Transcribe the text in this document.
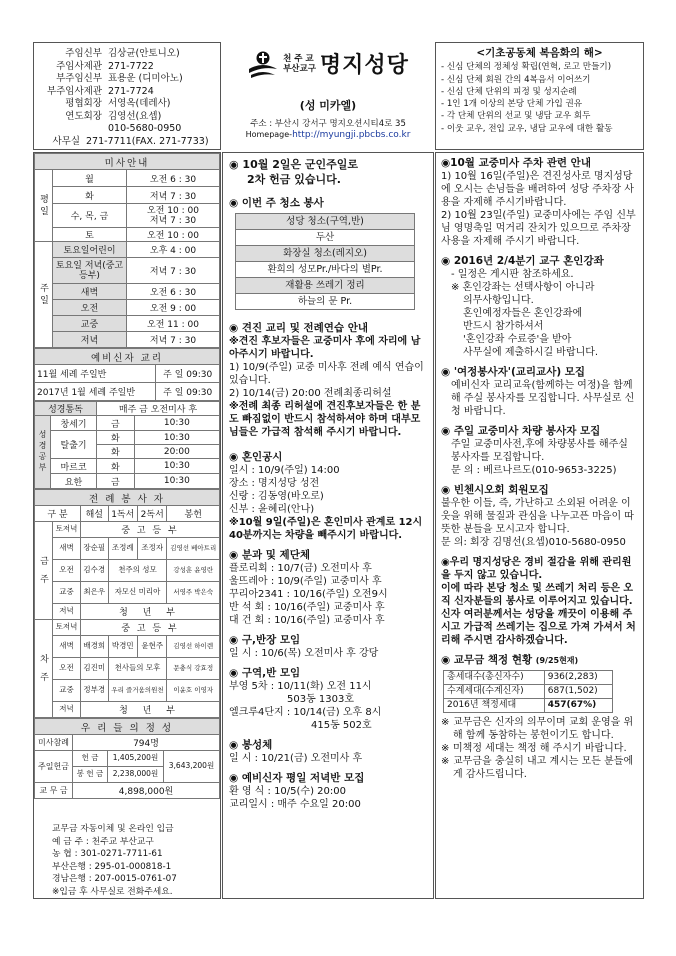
주임신부 김상균(안토니오)
주임사제관 271-7722
부주임신부 표용운 (디미아노)
부주임사제관 271-7724
평협회장 서영옥(데레사)
연도회장 김영선(요셉)
010-5680-0950
사무실 271-7711(FAX. 271-7733)
천 주 교
부산교구 명지성당
(성 미카엘)
주소 : 부산시 강서구 명지오션시티4로 35
Homepage-http://myungji.pbcbs.co.kr
<기초공동체 복음화의 해>
- 신심 단체의 정체성 확립(연혁, 로고 만들기)
- 신심 단체 회원 간의 4복음서 이어쓰기
- 신심 단체 단위의 피정 및 성지순례
- 1인 1개 이상의 본당 단체 가입 권유
- 각 단체 단위의 선교 및 냉담 교우 회두
- 이웃 교우, 전입 교우, 냉담 교우에 대한 활동
미사안내		
평일	월	오전 6 : 30
	화	저녁 7 : 30
	수, 목, 금	오전 10 : 00
저녁 7 : 30

	토	오전 10 : 00

주일	토요일어린이	오후 4 : 00
	토요일 저녁(중고등부)	저녁 7 : 30
	새벽	오전 6 : 30
	오전	오전 9 : 00
	교중	오전 11 : 00
	저녁	저녁 7 : 30
예비신자 교리	
11월 세례 주일반	주 일 09:30
2017년 1월 세례 주일반	주 일 09:30
성경통독		매주 금 오전미사 후	
성경공부	창세기	금	10:30
	탈출기	화	10:30
		화	20:00
	마르코	화	10:30
	요한	금	10:30
전 례 봉 사 자					
구 분		해설	1독서	2독서	봉헌
금 주	토저녁	중 고 등 부			
	새벽	장순필	조정례	조정자	김영선 베아트리
	오전	김수경	천주의 성모		강성훈 윤영란
	교중	최은우	자모신 미리아		서영주 박은숙
	저녁	청 년 부			
차 주	토저녁	중 고 등 부			
	새벽	배경희	박경민	윤현주	김영선 하이렌
	오전	김진미	천사들의 모후		문충식 강효정
	교중	정부경	우리 즐거움의원천		이윤호 이영자
	저녁	청 년 부			
우 리 들 의 정 성			
미사참례	794명		
주일헌금	헌 금	1,405,200원	3,643,200원
	봉 헌 금	2,238,000원	
교 무 금	4,898,000원		
교무금 자동이체 및 온라인 입금
예 금 주 : 천주교 부산교구
농 협 : 301-0271-7711-61
부산은행 : 295-01-000818-1
경남은행 : 207-0015-0761-07
※입금 후 사무실로 전화주세요.
◉ 10월 2일은 군인주일로
2차 헌금 있습니다.
◉ 이번 주 청소 봉사
성당 청소(구역,반)
두산
화장실 청소(레지오)
환희의 성모Pr./바다의 별Pr.
재활용 쓰레기 정리
하늘의 문 Pr.
◉ 견진 교리 및 전례연습 안내
※견진 후보자들은 교중미사 후에 자리에 남아주시기 바랍니다.
1) 10/9(주일) 교중 미사후 전례 예식 연습이 있습니다.
2) 10/14(금) 20:00 전례최종리허설
※전례 최종 리허설에 견진후보자들은 한 분도 빠짐없이 반드시 참석하셔야 하며 대부모님들은 가급적 참석해 주시기 바랍니다.
◉ 혼인공시
일시 : 10/9(주일) 14:00
장소 : 명지성당 성전
신랑 : 김동영(바오로)
신부 : 윤혜리(안나)
※10월 9일(주일)은 혼인미사 관계로 12시 40분까지는 차량을 빼주시기 바랍니다.
◉ 분과 및 제단체
플로리회 : 10/7(금) 오전미사 후
울뜨레아 : 10/9(주일) 교중미사 후
꾸리아2341 : 10/16(주일) 오전9시
반 석 회 : 10/16(주일) 교중미사 후
대 건 회 : 10/16(주일) 교중미사 후
◉ 구,반장 모임
일 시 : 10/6(목) 오전미사 후 강당
◉ 구역,반 모임
부영 5차 : 10/11(화) 오전 11시
503동 1303호
엘크루4단지 : 10/14(금) 오후 8시
415동 502호
◉ 봉성체
일 시 : 10/21(금) 오전미사 후
◉ 예비신자 평일 저녁반 모집
환 영 식 : 10/5(수) 20:00
교리일시 : 매주 수요일 20:00
◉10월 교중미사 주차 관련 안내
1) 10월 16일(주일)은 견진성사로 명지성당에 오시는 손님들을 배려하여 성당 주차장 사용을 자제해 주시기바랍니다.
2) 10월 23일(주일) 교중미사에는 주임 신부님 영명축일 먹거리 잔치가 있으므로 주차장 사용을 자제해 주시기 바랍니다.
◉ 2016년 2/4분기 교구 혼인강좌
- 일정은 게시판 참조하세요.
※ 혼인강좌는 선택사항이 아니라
의무사항입니다.
혼인예정자들은 혼인강좌에
반드시 참가하셔서
'혼인강좌 수료증'을 받아
사무실에 제출하시길 바랍니다.
◉ '여정봉사자'(교리교사) 모집
예비신자 교리교육(함께하는 여정)을 함께 해 주실 봉사자를 모집합니다. 사무실로 신청 바랍니다.
◉ 주일 교중미사 차량 봉사자 모집
주일 교중미사전,후에 차량봉사를 해주실 봉사자를 모집합니다.
문 의 : 베르나르도(010-9653-3225)
◉ 빈첸시오회 회원모집
불우한 이들, 즉, 가난하고 소외된 어려운 이웃을 위해 물질과 관심을 나누고픈 마음이 따뜻한 분들을 모시고자 합니다.
문 의: 회장 김명선(요셉)010-5680-0950
◉우리 명지성당은 경비 절감을 위해 관리원을 두지 않고 있습니다.
이에 따라 본당 청소 및 쓰레기 처리 등은 오직 신자분들의 봉사로 이루어지고 있습니다.
신자 여러분께서는 성당을 깨끗이 이용해 주시고 가급적 쓰레기는 집으로 가져 가셔서 처리해 주시면 감사하겠습니다.
◉ 교무금 책정 현황 (9/25현재)
총세대수(총신자수)	936(2,283)
수계세대(수계신자)	687(1,502)
2016년 책정세대	457(67%)
※ 교무금은 신자의 의무이며 교회 운영을 위해 함께 동참하는 봉헌이기도 합니다.
※ 미책정 세대는 책정 해 주시기 바랍니다.
※ 교무금을 충실히 내고 계시는 모든 분들에게 감사드립니다.
